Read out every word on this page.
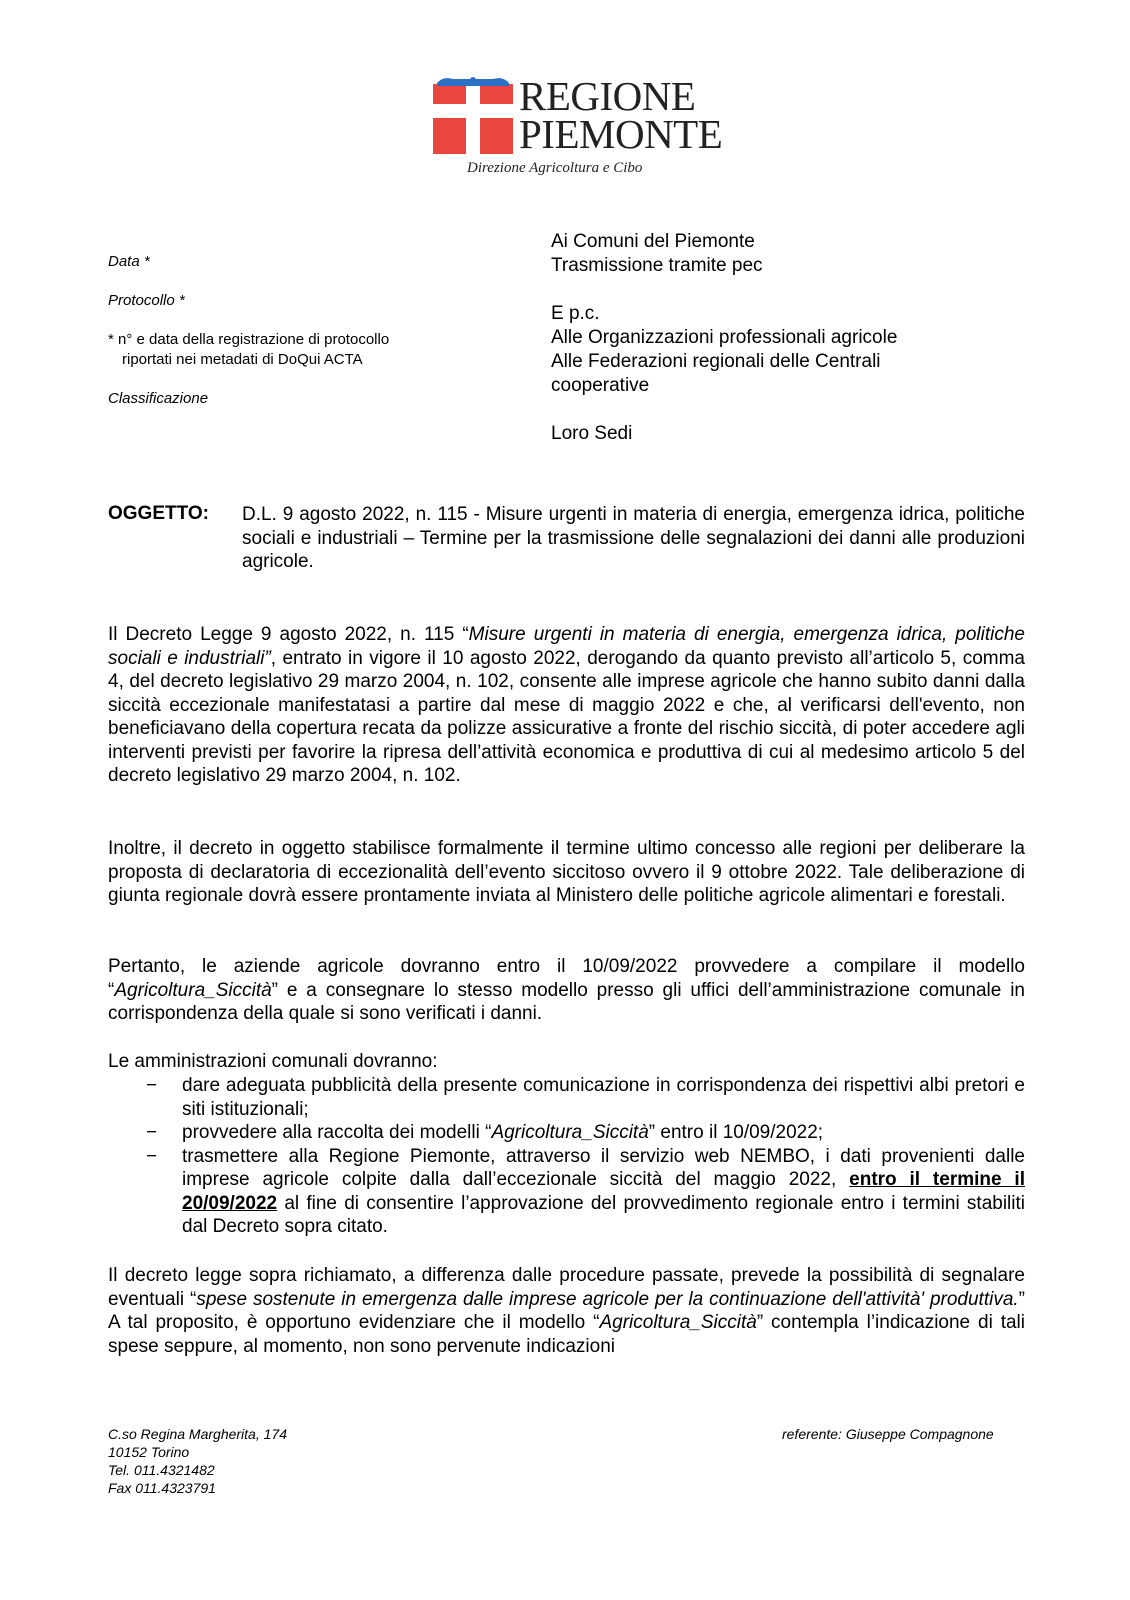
REGIONE
PIEMONTE
Direzione Agricoltura e Cibo
Data *
Protocollo *
* n° e data della registrazione di protocollo
riportati nei metadati di DoQui ACTA
Classificazione
Ai Comuni del Piemonte
Trasmissione tramite pec
E p.c.
Alle Organizzazioni professionali agricole
Alle Federazioni regionali delle Centrali
cooperative
Loro Sedi
OGGETTO: D.L. 9 agosto 2022, n. 115 - Misure urgenti in materia di energia, emergenza idrica, politiche sociali e industriali – Termine per la trasmissione delle segnalazioni dei danni alle produzioni agricole.

Il Decreto Legge 9 agosto 2022, n. 115 “Misure urgenti in materia di energia, emergenza idrica, politiche sociali e industriali”, entrato in vigore il 10 agosto 2022, derogando da quanto previsto all’articolo 5, comma 4, del decreto legislativo 29 marzo 2004, n. 102, consente alle imprese agricole che hanno subito danni dalla siccità eccezionale manifestatasi a partire dal mese di maggio 2022 e che, al verificarsi dell'evento, non beneficiavano della copertura recata da polizze assicurative a fronte del rischio siccità, di poter accedere agli interventi previsti per favorire la ripresa dell’attività economica e produttiva di cui al medesimo articolo 5 del decreto legislativo 29 marzo 2004, n. 102.

Inoltre, il decreto in oggetto stabilisce formalmente il termine ultimo concesso alle regioni per deliberare la proposta di declaratoria di eccezionalità dell’evento siccitoso ovvero il 9 ottobre 2022. Tale deliberazione di giunta regionale dovrà essere prontamente inviata al Ministero delle politiche agricole alimentari e forestali.

Pertanto, le aziende agricole dovranno entro il 10/09/2022 provvedere a compilare il modello “Agricoltura_Siccità” e a consegnare lo stesso modello presso gli uffici dell’amministrazione comunale in corrispondenza della quale si sono verificati i danni.

Le amministrazioni comunali dovranno:

− dare adeguata pubblicità della presente comunicazione in corrispondenza dei rispettivi albi pretori e siti istituzionali;
− provvedere alla raccolta dei modelli “Agricoltura_Siccità” entro il 10/09/2022;
− trasmettere alla Regione Piemonte, attraverso il servizio web NEMBO, i dati provenienti dalle imprese agricole colpite dalla dall’eccezionale siccità del maggio 2022, entro il termine il 20/09/2022 al fine di consentire l’approvazione del provvedimento regionale entro i termini stabiliti dal Decreto sopra citato.

Il decreto legge sopra richiamato, a differenza dalle procedure passate, prevede la possibilità di segnalare eventuali “spese sostenute in emergenza dalle imprese agricole per la continuazione dell'attività' produttiva.” A tal proposito, è opportuno evidenziare che il modello “Agricoltura_Siccità” contempla l’indicazione di tali spese seppure, al momento, non sono pervenute indicazioni

C.so Regina Margherita, 174
10152 Torino
Tel. 011.4321482
Fax 011.4323791
referente: Giuseppe Compagnone
